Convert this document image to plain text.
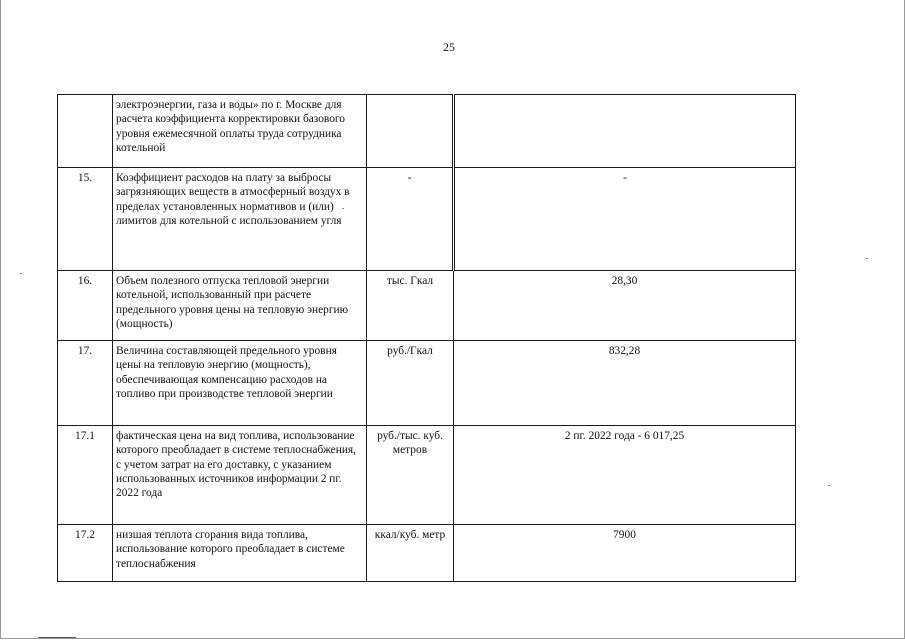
25
	электроэнергии, газа и воды» по г. Москве для расчета коэффициента корректировки базового уровня ежемесячной оплаты труда сотрудника котельной		
15.	Коэффициент расходов на плату за выбросы загрязняющих веществ в атмосферный воздух в пределах установленных нормативов и (или) лимитов для котельной с использованием угля	-	-
16.	Объем полезного отпуска тепловой энергии котельной, использованный при расчете предельного уровня цены на тепловую энергию (мощность)	тыс. Гкал	28,30
17.	Величина составляющей предельного уровня цены на тепловую энергию (мощность), обеспечивающая компенсацию расходов на топливо при производстве тепловой энергии	руб./Гкал	832,28
17.1	фактическая цена на вид топлива, использование которого преобладает в системе теплоснабжения, с учетом затрат на его доставку, с указанием использованных источников информации 2 пг. 2022 года	руб./тыс. куб. метров	2 пг. 2022 года - 6 017,25
17.2	низшая теплота сгорания вида топлива, использование которого преобладает в системе теплоснабжения	ккал/куб. метр	7900
